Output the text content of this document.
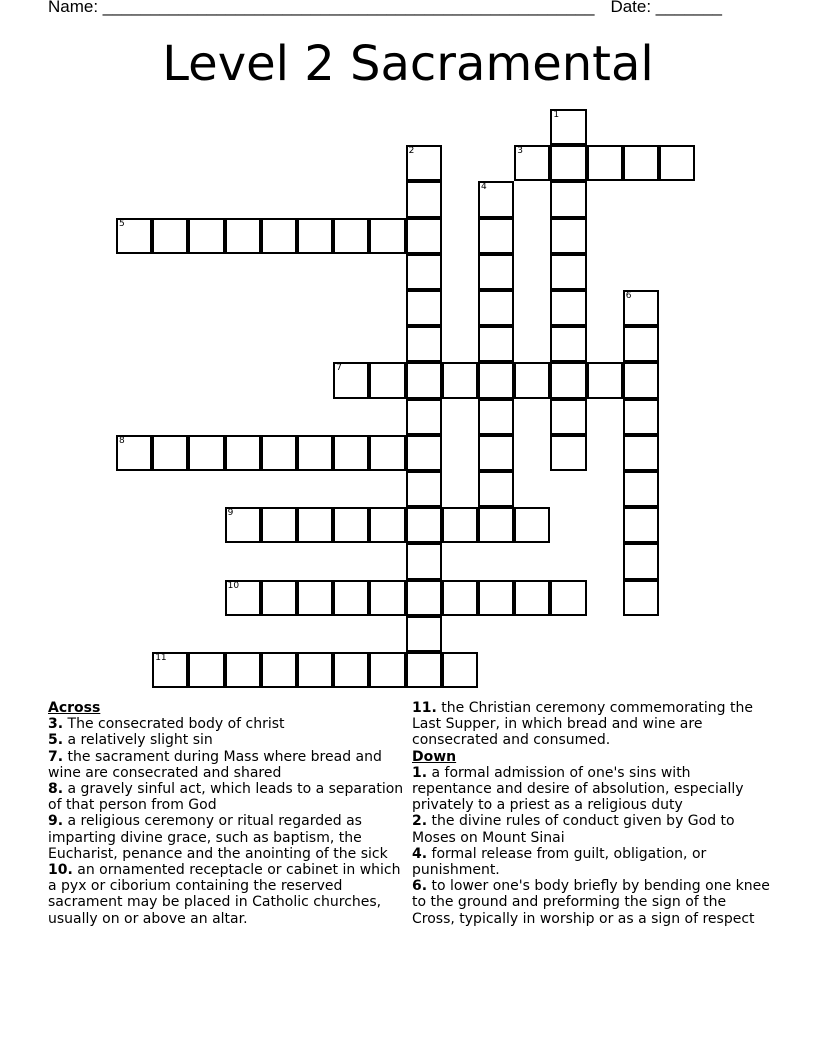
Name: ____________________________________________________ Date: _______
Level 2 Sacramental
1
2	3
4
5
6
7
8
9
10
11
Across
3. The consecrated body of christ
5. a relatively slight sin
7. the sacrament during Mass where bread and wine are consecrated and shared
8. a gravely sinful act, which leads to a separation of that person from God
9. a religious ceremony or ritual regarded as imparting divine grace, such as baptism, the Eucharist, penance and the anointing of the sick
10. an ornamented receptacle or cabinet in which a pyx or ciborium containing the reserved sacrament may be placed in Catholic churches, usually on or above an altar.
11. the Christian ceremony commemorating the Last Supper, in which bread and wine are consecrated and consumed.
Down
1. a formal admission of one's sins with repentance and desire of absolution, especially privately to a priest as a religious duty
2. the divine rules of conduct given by God to Moses on Mount Sinai
4. formal release from guilt, obligation, or punishment.
6. to lower one's body briefly by bending one knee to the ground and preforming the sign of the Cross, typically in worship or as a sign of respect
